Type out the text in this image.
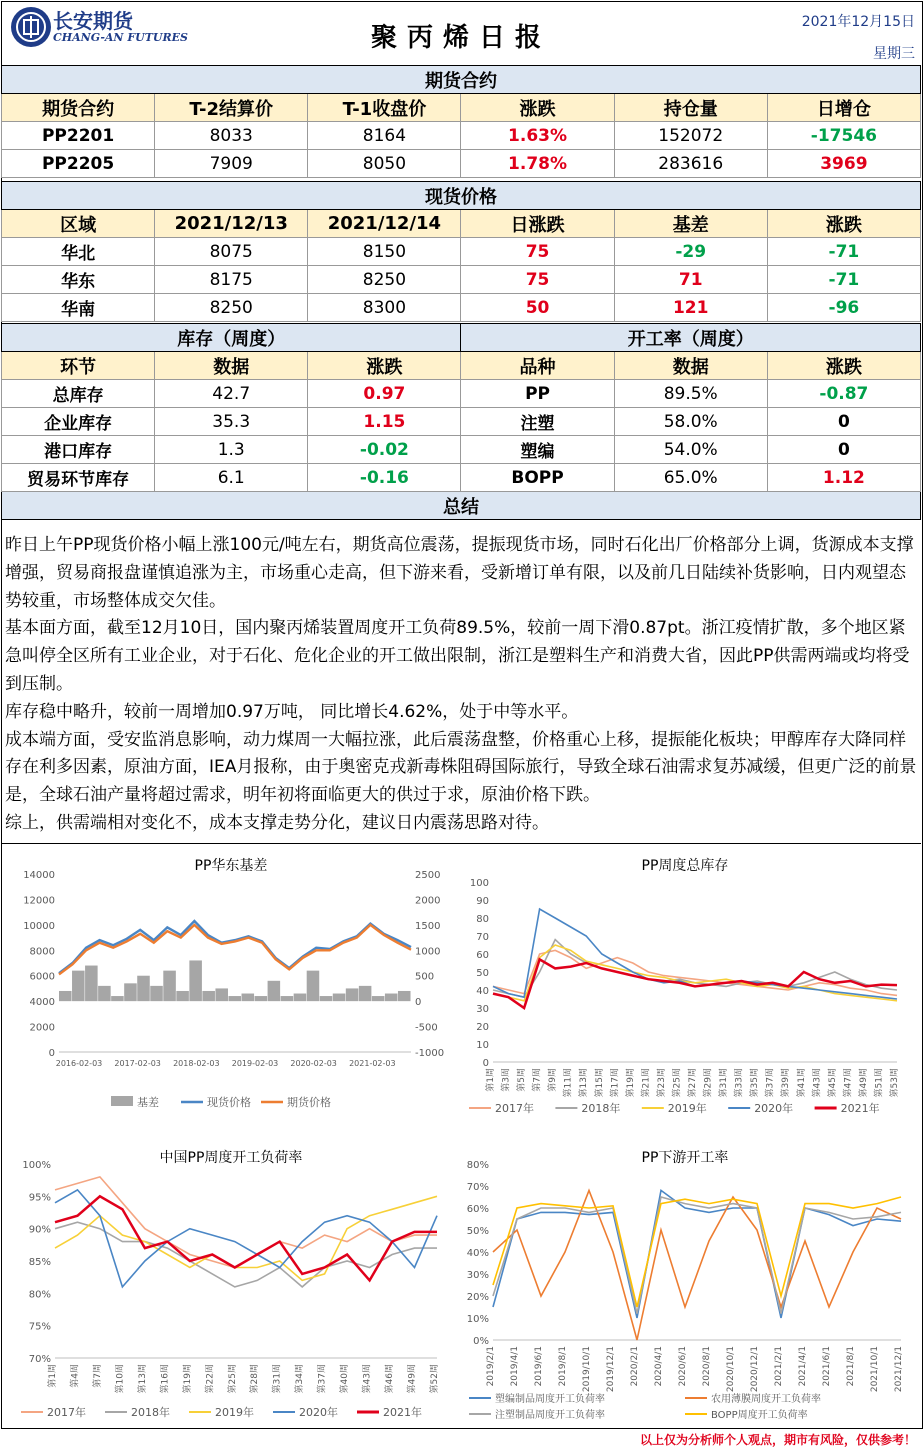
长安期货
CHANG-AN FUTURES	聚丙烯日报
2021年12月15日
星期三
期货合约					
期货合约	T-2结算价	T-1收盘价	涨跌	持仓量	日增仓
PP2201	8033	8164	1.63%	152072	-17546
PP2205	7909	8050	1.78%	283616	3969
现货价格					
区域	2021/12/13	2021/12/14	日涨跌	基差	涨跌
华北	8075	8150	75	-29	-71
华东	8175	8250	75	71	-71
华南	8250	8300	50	121	-96
库存（周度）			开工率（周度）		
环节	数据	涨跌	品种	数据	涨跌
总库存	42.7	0.97	PP	89.5%	-0.87
企业库存	35.3	1.15	注塑	58.0%	0
港口库存	1.3	-0.02	塑编	54.0%	0
贸易环节库存	6.1	-0.16	BOPP	65.0%	1.12
总结					

昨日上午PP现货价格小幅上涨100元/吨左右，期货高位震荡，提振现货市场，同时石化出厂价格部分上调，货源成本支撑增强，贸易商报盘谨慎追涨为主，市场重心走高，但下游来看，受新增订单有限，以及前几日陆续补货影响，日内观望态势较重，市场整体成交欠佳。

基本面方面，截至12月10日，国内聚丙烯装置周度开工负荷89.5%，较前一周下滑0.87pt。浙江疫情扩散，多个地区紧急叫停全区所有工业企业，对于石化、危化企业的开工做出限制，浙江是塑料生产和消费大省，因此PP供需两端或均将受到压制。

库存稳中略升，较前一周增加0.97万吨， 同比增长4.62%，处于中等水平。

成本端方面，受安监消息影响，动力煤周一大幅拉涨，此后震荡盘整，价格重心上移，提振能化板块；甲醇库存大降同样存在利多因素，原油方面，IEA月报称，由于奥密克戎新毒株阻碍国际旅行，导致全球石油需求复苏减缓，但更广泛的前景是，全球石油产量将超过需求，明年初将面临更大的供过于求，原油价格下跌。

综上，供需端相对变化不，成本支撑走势分化，建议日内震荡思路对待。

PP华东基差
14000
12000
10000
8000
6000
4000
2000
0
2500
2000
1500
1000
500
0
-500
-1000
2016-02-03 2017-02-03 2018-02-03 2019-02-03 2020-02-03 2021-02-03
基差	现货价格	期货价格
PP周度总库存
100
90
80
70
60
50
40
30
20
10
0
第1周 第3周 第5周 第7周 第9周 第11周 第13周 第15周 第17周 第19周 第21周 第23周 第25周 第27周 第29周 第31周 第33周 第35周 第37周 第39周 第41周 第43周 第45周 第47周 第49周 第51周 第53周
2017年	2018年	2019年	2020年	2021年
中国PP周度开工负荷率
100%
95%
90%
85%
80%
75%
70%
第1周 第4周 第7周 第10周 第13周 第16周 第19周 第22周 第25周 第28周 第31周 第34周 第37周 第40周 第43周 第46周 第49周 第52周
2017年	2018年	2019年	2020年	2021年
PP下游开工率
80%
70%
60%
50%
40%
30%
20%
10%
0%
2019/2/1 2019/4/1 2019/6/1 2019/8/1 2019/10/1 2019/12/1 2020/2/1 2020/4/1 2020/6/1 2020/8/1 2020/10/1 2020/12/1 2021/2/1 2021/4/1 2021/6/1 2021/8/1 2021/10/1 2021/12/1
塑编制品周度开工负荷率	农用薄膜周度开工负荷率
注塑制品周度开工负荷率	BOPP周度开工负荷率
以上仅为分析师个人观点，期市有风险，仅供参考！
